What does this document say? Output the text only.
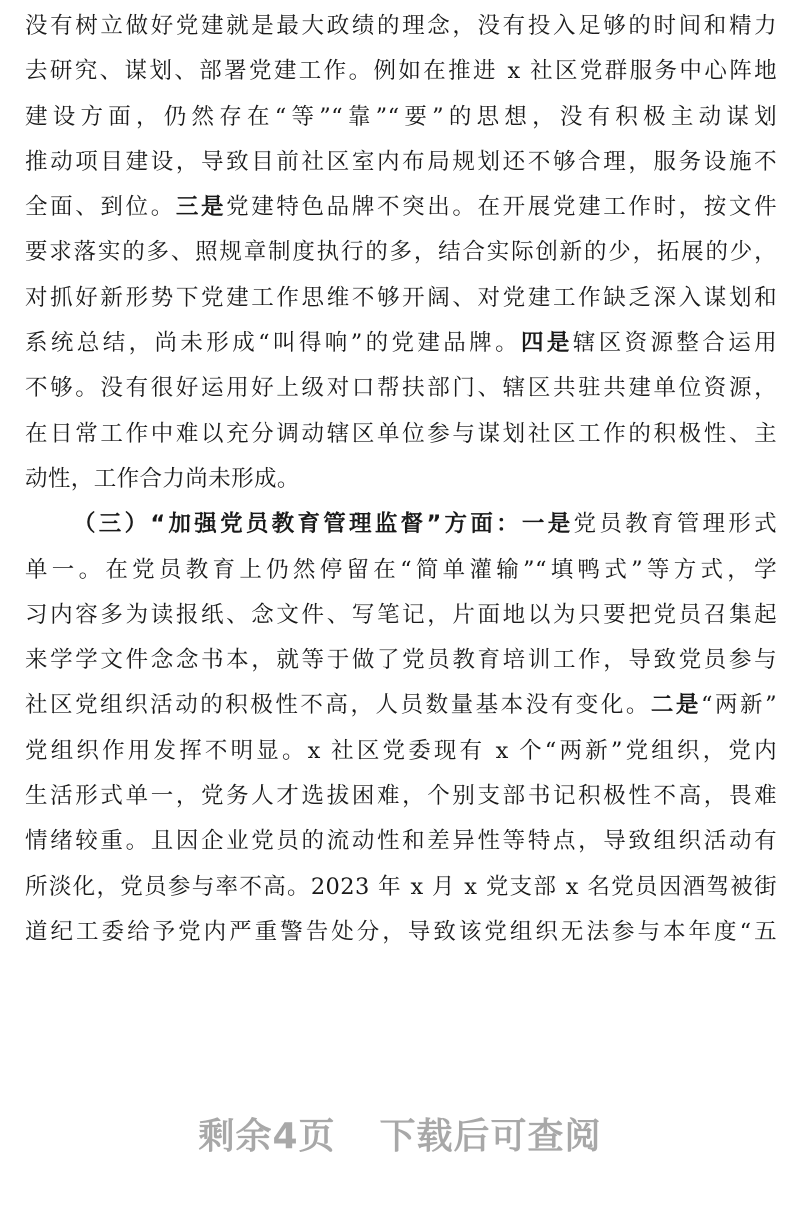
没有树立做好党建就是最大政绩的理念，没有投入足够的时间和精力
去研究、谋划、部署党建工作。例如在推进 x 社区党群服务中心阵地
建设方面，仍然存在“等”“靠”“要”的思想，没有积极主动谋划
推动项目建设，导致目前社区室内布局规划还不够合理，服务设施不
全面、到位。三是党建特色品牌不突出。在开展党建工作时，按文件
要求落实的多、照规章制度执行的多，结合实际创新的少，拓展的少，
对抓好新形势下党建工作思维不够开阔、对党建工作缺乏深入谋划和
系统总结，尚未形成“叫得响”的党建品牌。四是辖区资源整合运用
不够。没有很好运用好上级对口帮扶部门、辖区共驻共建单位资源，
在日常工作中难以充分调动辖区单位参与谋划社区工作的积极性、主
动性，工作合力尚未形成。
（三）“加强党员教育管理监督”方面：一是党员教育管理形式
单一。在党员教育上仍然停留在“简单灌输”“填鸭式”等方式，学
习内容多为读报纸、念文件、写笔记，片面地以为只要把党员召集起
来学学文件念念书本，就等于做了党员教育培训工作，导致党员参与
社区党组织活动的积极性不高，人员数量基本没有变化。二是“两新”
党组织作用发挥不明显。x 社区党委现有 x 个“两新”党组织，党内
生活形式单一，党务人才选拔困难，个别支部书记积极性不高，畏难
情绪较重。且因企业党员的流动性和差异性等特点，导致组织活动有
所淡化，党员参与率不高。2023 年 x 月 x 党支部 x 名党员因酒驾被街
道纪工委给予党内严重警告处分，导致该党组织无法参与本年度“五
剩余4页 下载后可查阅
